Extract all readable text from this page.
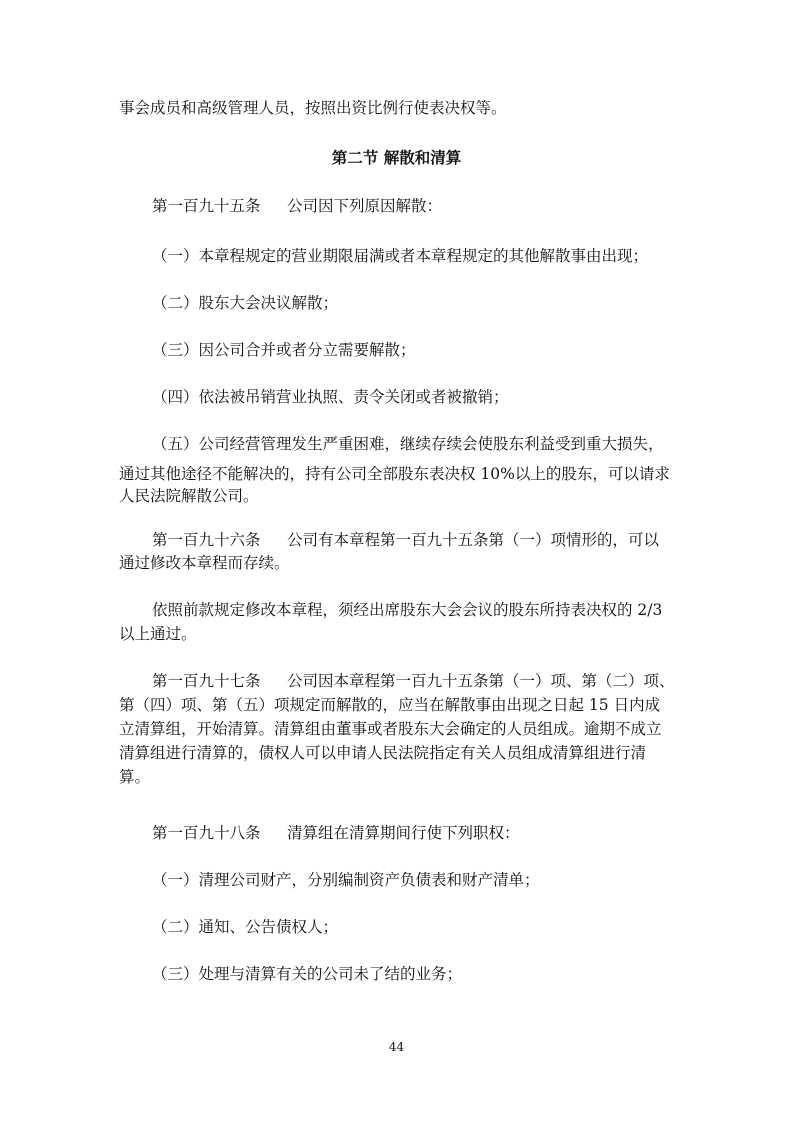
事会成员和高级管理人员，按照出资比例行使表决权等。

第二节 解散和清算

第一百九十五条 公司因下列原因解散：

（一）本章程规定的营业期限届满或者本章程规定的其他解散事由出现；

（二）股东大会决议解散；

（三）因公司合并或者分立需要解散；

（四）依法被吊销营业执照、责令关闭或者被撤销；

（五）公司经营管理发生严重困难，继续存续会使股东利益受到重大损失，

通过其他途径不能解决的，持有公司全部股东表决权 10%以上的股东，可以请求

人民法院解散公司。

第一百九十六条 公司有本章程第一百九十五条第（一）项情形的，可以

通过修改本章程而存续。

依照前款规定修改本章程，须经出席股东大会会议的股东所持表决权的 2/3

以上通过。

第一百九十七条 公司因本章程第一百九十五条第（一）项、第（二）项、

第（四）项、第（五）项规定而解散的，应当在解散事由出现之日起 15 日内成

立清算组，开始清算。清算组由董事或者股东大会确定的人员组成。逾期不成立

清算组进行清算的，债权人可以申请人民法院指定有关人员组成清算组进行清

算。

第一百九十八条 清算组在清算期间行使下列职权：

（一）清理公司财产，分别编制资产负债表和财产清单；

（二）通知、公告债权人；

（三）处理与清算有关的公司未了结的业务；

44
